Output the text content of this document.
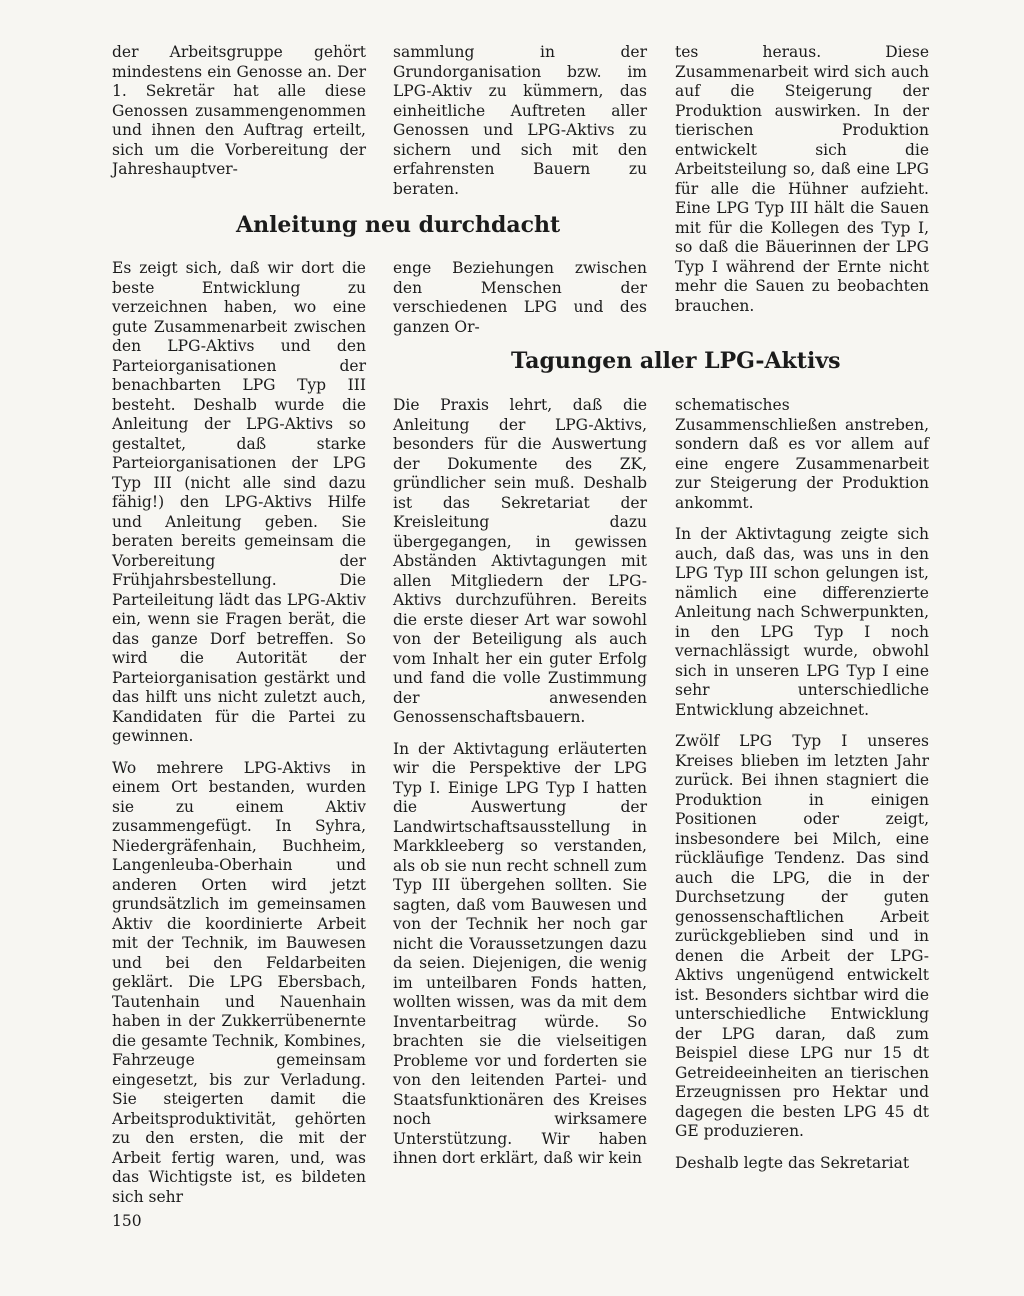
der Arbeitsgruppe gehört mindestens ein Genosse an. Der 1. Sekretär hat alle diese Genossen zusammengenommen und ihnen den Auftrag erteilt, sich um die Vorbereitung der Jahreshauptver-

sammlung in der Grundorganisation bzw. im LPG-Aktiv zu kümmern, das einheitliche Auftreten aller Genossen und LPG-Aktivs zu sichern und sich mit den erfahrensten Bauern zu beraten.

Anleitung neu durchdacht

Es zeigt sich, daß wir dort die beste Entwicklung zu verzeichnen haben, wo eine gute Zusammenarbeit zwischen den LPG-Aktivs und den Parteiorganisationen der benachbarten LPG Typ III besteht. Deshalb wurde die Anleitung der LPG-Aktivs so gestaltet, daß starke Parteiorganisationen der LPG Typ III (nicht alle sind dazu fähig!) den LPG-Aktivs Hilfe und Anleitung geben. Sie beraten bereits gemeinsam die Vorbereitung der Frühjahrsbestellung. Die Parteileitung lädt das LPG-Aktiv ein, wenn sie Fragen berät, die das ganze Dorf betreffen. So wird die Autorität der Parteiorganisation gestärkt und das hilft uns nicht zuletzt auch, Kandidaten für die Partei zu gewinnen.

Wo mehrere LPG-Aktivs in einem Ort bestanden, wurden sie zu einem Aktiv zusammengefügt. In Syhra, Niedergräfenhain, Buchheim, Langenleuba-Oberhain und anderen Orten wird jetzt grundsätzlich im gemeinsamen Aktiv die koordinierte Arbeit mit der Technik, im Bauwesen und bei den Feldarbeiten geklärt. Die LPG Ebersbach, Tautenhain und Nauenhain haben in der Zukkerrübenernte die gesamte Technik, Kombines, Fahrzeuge gemeinsam eingesetzt, bis zur Verladung. Sie steigerten damit die Arbeitsproduktivität, gehörten zu den ersten, die mit der Arbeit fertig waren, und, was das Wichtigste ist, es bildeten sich sehr

enge Beziehungen zwischen den Menschen der verschiedenen LPG und des ganzen Or-

tes heraus. Diese Zusammenarbeit wird sich auch auf die Steigerung der Produktion auswirken. In der tierischen Produktion entwickelt sich die Arbeitsteilung so, daß eine LPG für alle die Hühner aufzieht. Eine LPG Typ III hält die Sauen mit für die Kollegen des Typ I, so daß die Bäuerinnen der LPG Typ I während der Ernte nicht mehr die Sauen zu beobachten brauchen.

Tagungen aller LPG-Aktivs

Die Praxis lehrt, daß die Anleitung der LPG-Aktivs, besonders für die Auswertung der Dokumente des ZK, gründlicher sein muß. Deshalb ist das Sekretariat der Kreisleitung dazu übergegangen, in gewissen Abständen Aktivtagungen mit allen Mitgliedern der LPG-Aktivs durchzuführen. Bereits die erste dieser Art war sowohl von der Beteiligung als auch vom Inhalt her ein guter Erfolg und fand die volle Zustimmung der anwesenden Genossenschaftsbauern.

In der Aktivtagung erläuterten wir die Perspektive der LPG Typ I. Einige LPG Typ I hatten die Auswertung der Landwirtschaftsausstellung in Markkleeberg so verstanden, als ob sie nun recht schnell zum Typ III übergehen sollten. Sie sagten, daß vom Bauwesen und von der Technik her noch gar nicht die Voraussetzungen dazu da seien. Diejenigen, die wenig im unteilbaren Fonds hatten, wollten wissen, was da mit dem Inventarbeitrag würde. So brachten sie die vielseitigen Probleme vor und forderten sie von den leitenden Partei- und Staatsfunktionären des Kreises noch wirksamere Unterstützung. Wir haben ihnen dort erklärt, daß wir kein

schematisches Zusammenschließen anstreben, sondern daß es vor allem auf eine engere Zusammenarbeit zur Steigerung der Produktion ankommt.

In der Aktivtagung zeigte sich auch, daß das, was uns in den LPG Typ III schon gelungen ist, nämlich eine differenzierte Anleitung nach Schwerpunkten, in den LPG Typ I noch vernachlässigt wurde, obwohl sich in unseren LPG Typ I eine sehr unterschiedliche Entwicklung abzeichnet.

Zwölf LPG Typ I unseres Kreises blieben im letzten Jahr zurück. Bei ihnen stagniert die Produktion in einigen Positionen oder zeigt, insbesondere bei Milch, eine rückläufige Tendenz. Das sind auch die LPG, die in der Durchsetzung der guten genossenschaftlichen Arbeit zurückgeblieben sind und in denen die Arbeit der LPG-Aktivs ungenügend entwickelt ist. Besonders sichtbar wird die unterschiedliche Entwicklung der LPG daran, daß zum Beispiel diese LPG nur 15 dt Getreideeinheiten an tierischen Erzeugnissen pro Hektar und dagegen die besten LPG 45 dt GE produzieren.

Deshalb legte das Sekretariat

150
